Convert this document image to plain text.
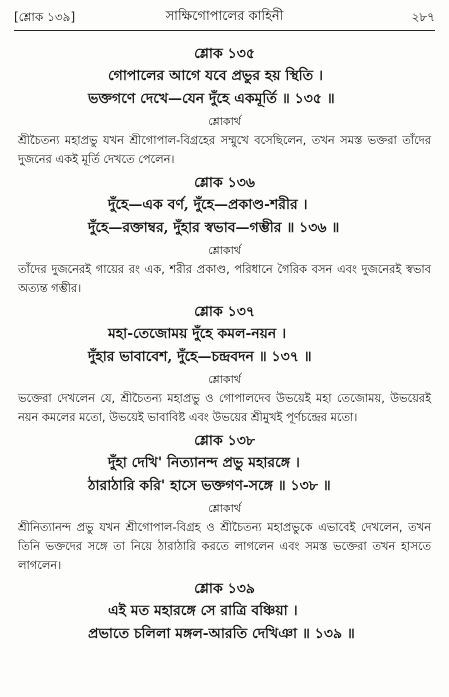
[শ্লোক ১৩৯]	সাক্ষিগোপালের কাহিনী	২৮৭
শ্লোক ১৩৫
গোপালের আগে যবে প্রভুর হয় স্থিতি ।
ভক্তগণে দেখে—যেন দুঁহে একমূর্তি ॥ ১৩৫ ॥
শ্লোকার্থ
শ্রীচৈতন্য মহাপ্রভু যখন শ্রীগোপাল-বিগ্রহের সম্মুখে বসেছিলেন, তখন সমস্ত ভক্তরা তাঁদের দুজনের একই মূর্তি দেখতে পেলেন।
শ্লোক ১৩৬
দুঁহে—এক বর্ণ, দুঁহে—প্রকাণ্ড-শরীর ।
দুঁহে—রক্তাম্বর, দুঁহার স্বভাব—গম্ভীর ॥ ১৩৬ ॥
শ্লোকার্থ
তাঁদের দুজনেরই গায়ের রং এক, শরীর প্রকাণ্ড, পরিধানে গৈরিক বসন এবং দুজনেরই স্বভাব অত্যন্ত গম্ভীর।
শ্লোক ১৩৭
মহা-তেজোময় দুঁহে কমল-নয়ন ।
দুঁহার ভাবাবেশ, দুঁহে—চন্দ্রবদন ॥ ১৩৭ ॥
শ্লোকার্থ
ভক্তেরা দেখলেন যে, শ্রীচৈতন্য মহাপ্রভু ও গোপালদেব উভয়েই মহা তেজোময়, উভয়েরই নয়ন কমলের মতো, উভয়েই ভাবাবিষ্ট এবং উভয়ের শ্রীমুখই পূর্ণচন্দ্রের মতো।
শ্লোক ১৩৮
দুঁহা দেখি' নিত্যানন্দ প্রভু মহারঙ্গে ।
ঠারাঠারি করি' হাসে ভক্তগণ-সঙ্গে ॥ ১৩৮ ॥
শ্লোকার্থ
শ্রীনিত্যানন্দ প্রভু যখন শ্রীগোপাল-বিগ্রহ ও শ্রীচৈতন্য মহাপ্রভুকে এভাবেই দেখলেন, তখন তিনি ভক্তদের সঙ্গে তা নিয়ে ঠারাঠারি করতে লাগলেন এবং সমস্ত ভক্তেরা তখন হাসতে লাগলেন।
শ্লোক ১৩৯
এই মত মহারঙ্গে সে রাত্রি বঞ্চিয়া ।
প্রভাতে চলিলা মঙ্গল-আরতি দেখিঞা ॥ ১৩৯ ॥
